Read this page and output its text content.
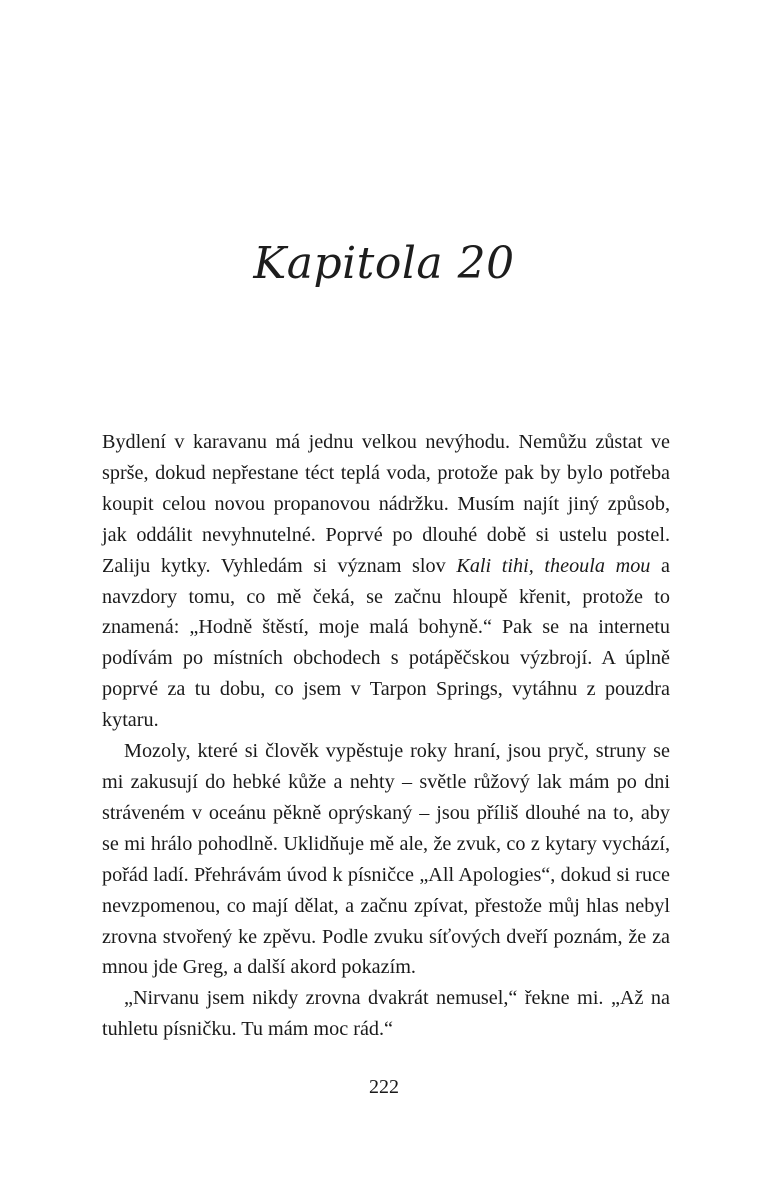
Kapitola 20

Bydlení v karavanu má jednu velkou nevýhodu. Nemůžu zůstat ve sprše, dokud nepřestane téct teplá voda, protože pak by bylo potřeba koupit celou novou propanovou nádržku. Musím najít jiný způsob, jak oddálit nevyhnutelné. Poprvé po dlouhé době si ustelu postel. Zaliju kytky. Vyhledám si význam slov Kali tihi, theoula mou a navzdory tomu, co mě čeká, se začnu hloupě křenit, protože to znamená: „Hodně štěstí, moje malá bohyně.“ Pak se na internetu podívám po místních obchodech s potápěčskou výzbrojí. A úplně poprvé za tu dobu, co jsem v Tarpon Springs, vytáhnu z pouzdra kytaru.

Mozoly, které si člověk vypěstuje roky hraní, jsou pryč, struny se mi zakusují do hebké kůže a nehty – světle růžový lak mám po dni stráveném v oceánu pěkně oprýskaný – jsou příliš dlouhé na to, aby se mi hrálo pohodlně. Uklidňuje mě ale, že zvuk, co z kytary vychází, pořád ladí. Přehrávám úvod k písničce „All Apologies“, dokud si ruce nevzpomenou, co mají dělat, a začnu zpívat, přestože můj hlas nebyl zrovna stvořený ke zpěvu. Podle zvuku síťových dveří poznám, že za mnou jde Greg, a další akord pokazím.

„Nirvanu jsem nikdy zrovna dvakrát nemusel,“ řekne mi. „Až na tuhletu písničku. Tu mám moc rád.“

222
